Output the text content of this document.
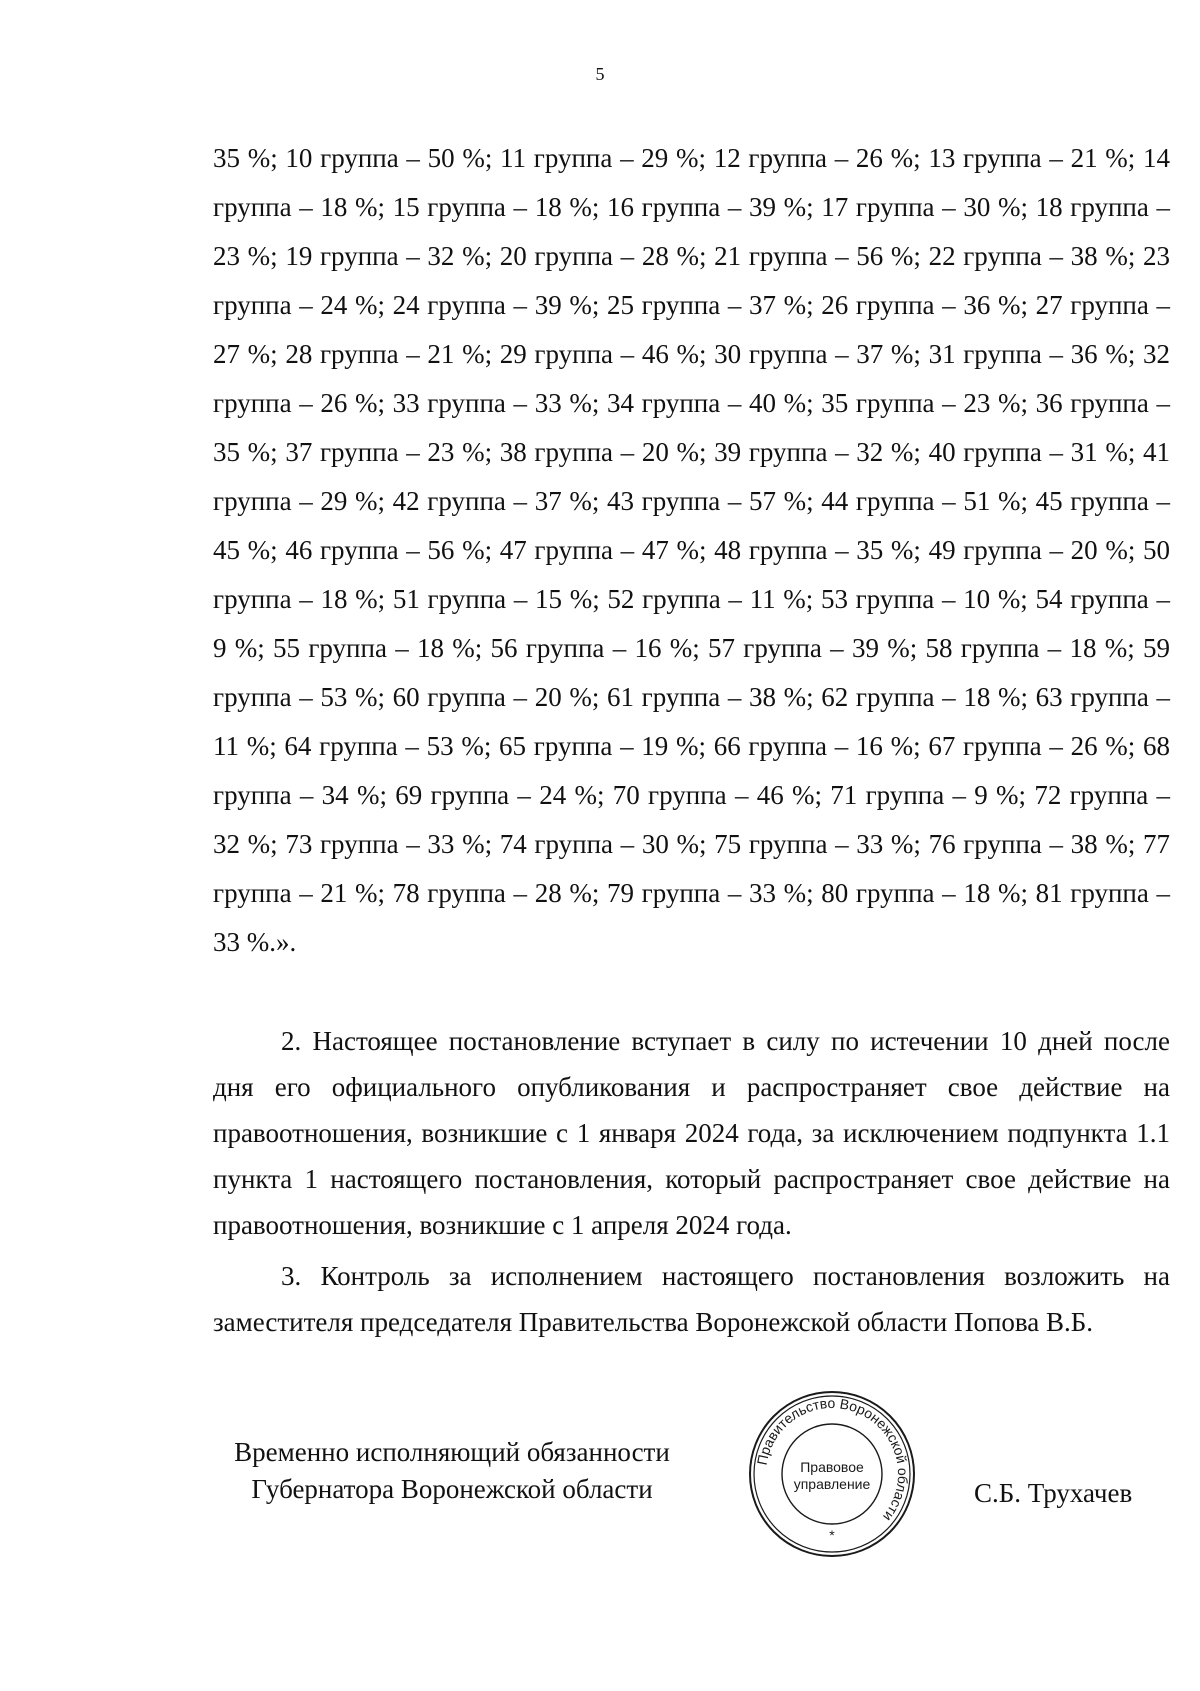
5

35 %; 10 группа – 50 %; 11 группа – 29 %; 12 группа – 26 %; 13 группа – 21 %; 14 группа – 18 %; 15 группа – 18 %; 16 группа – 39 %; 17 группа – 30 %; 18 группа – 23 %; 19 группа – 32 %; 20 группа – 28 %; 21 группа – 56 %; 22 группа – 38 %; 23 группа – 24 %; 24 группа – 39 %; 25 группа – 37 %; 26 группа – 36 %; 27 группа – 27 %; 28 группа – 21 %; 29 группа – 46 %; 30 группа – 37 %; 31 группа – 36 %; 32 группа – 26 %; 33 группа – 33 %; 34 группа – 40 %; 35 группа – 23 %; 36 группа – 35 %; 37 группа – 23 %; 38 группа – 20 %; 39 группа – 32 %; 40 группа – 31 %; 41 группа – 29 %; 42 группа – 37 %; 43 группа – 57 %; 44 группа – 51 %; 45 группа – 45 %; 46 группа – 56 %; 47 группа – 47 %; 48 группа – 35 %; 49 группа – 20 %; 50 группа – 18 %; 51 группа – 15 %; 52 группа – 11 %; 53 группа – 10 %; 54 группа – 9 %; 55 группа – 18 %; 56 группа – 16 %; 57 группа – 39 %; 58 группа – 18 %; 59 группа – 53 %; 60 группа – 20 %; 61 группа – 38 %; 62 группа – 18 %; 63 группа – 11 %; 64 группа – 53 %; 65 группа – 19 %; 66 группа – 16 %; 67 группа – 26 %; 68 группа – 34 %; 69 группа – 24 %; 70 группа – 46 %; 71 группа – 9 %; 72 группа – 32 %; 73 группа – 33 %; 74 группа – 30 %; 75 группа – 33 %; 76 группа – 38 %; 77 группа – 21 %; 78 группа – 28 %; 79 группа – 33 %; 80 группа – 18 %; 81 группа – 33 %.».

2. Настоящее постановление вступает в силу по истечении 10 дней после дня его официального опубликования и распространяет свое действие на правоотношения, возникшие с 1 января 2024 года, за исключением подпункта 1.1 пункта 1 настоящего постановления, который распространяет свое действие на правоотношения, возникшие с 1 апреля 2024 года.

3. Контроль за исполнением настоящего постановления возложить на заместителя председателя Правительства Воронежской области Попова В.Б.

Временно исполняющий обязанности
Губернатора Воронежской области
Правительство Воронежской области
Правовое
управление
*
С.Б. Трухачев
